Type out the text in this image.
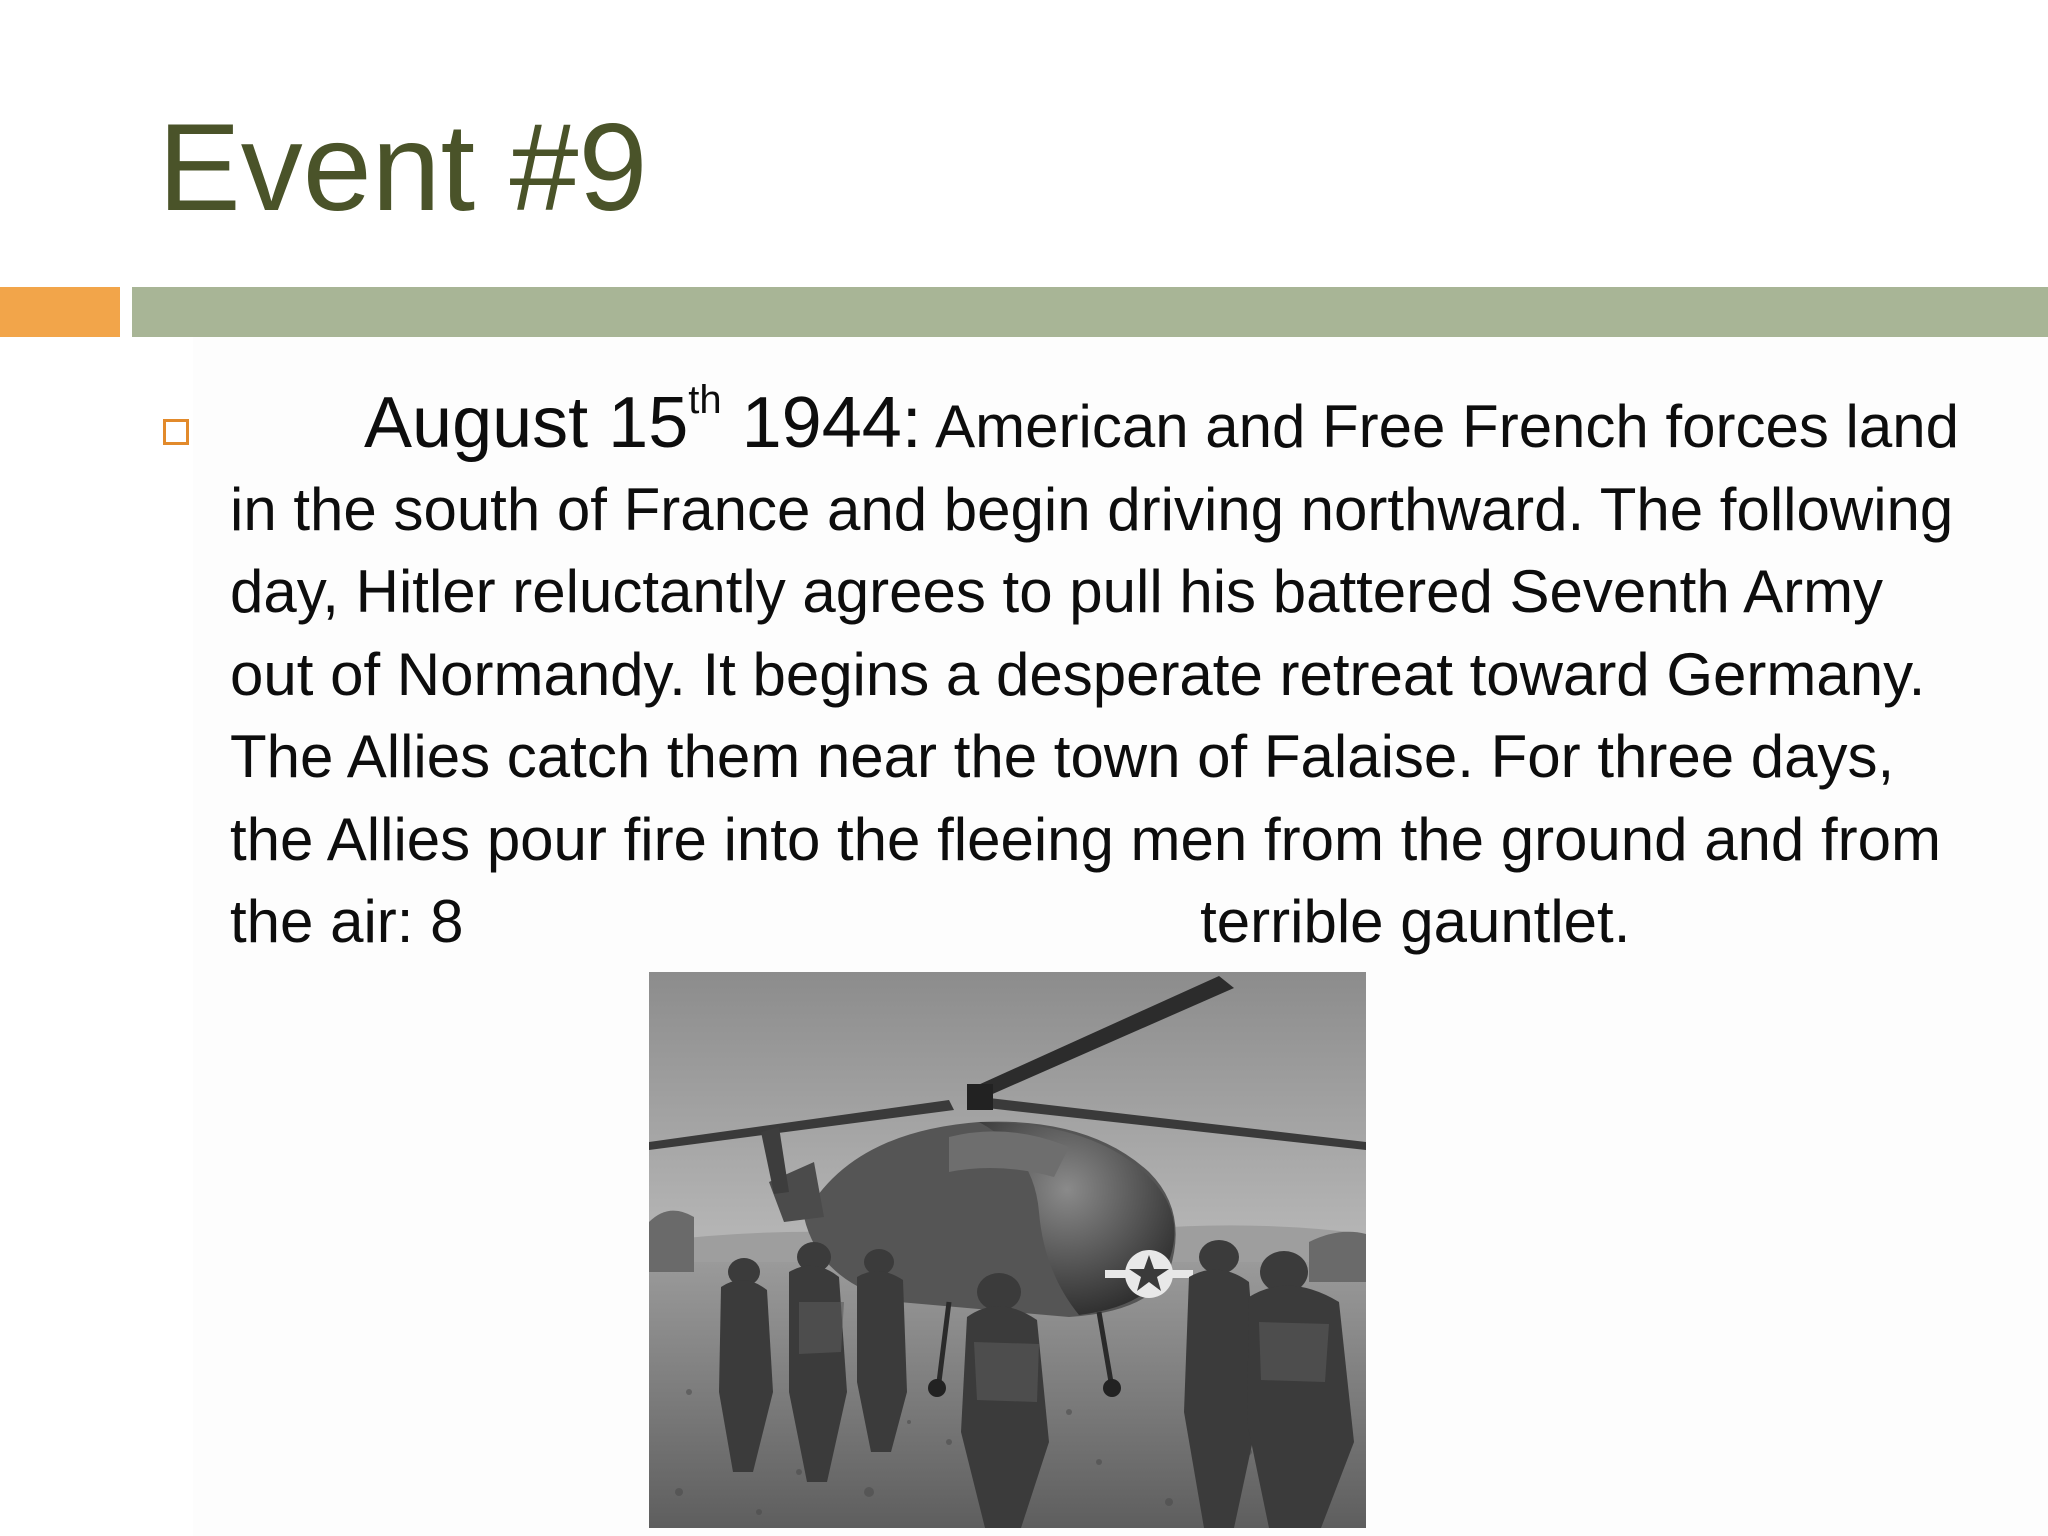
Event #9

August 15th 1944: American and Free French forces land in the south of France and begin driving northward. The following day, Hitler reluctantly agrees to pull his battered Seventh Army out of Normandy. It begins a desperate retreat toward Germany. The Allies catch them near the town of Falaise. For three days, the Allies pour fire into the fleeing men from the ground and from the air: 8	terrible gauntlet.
